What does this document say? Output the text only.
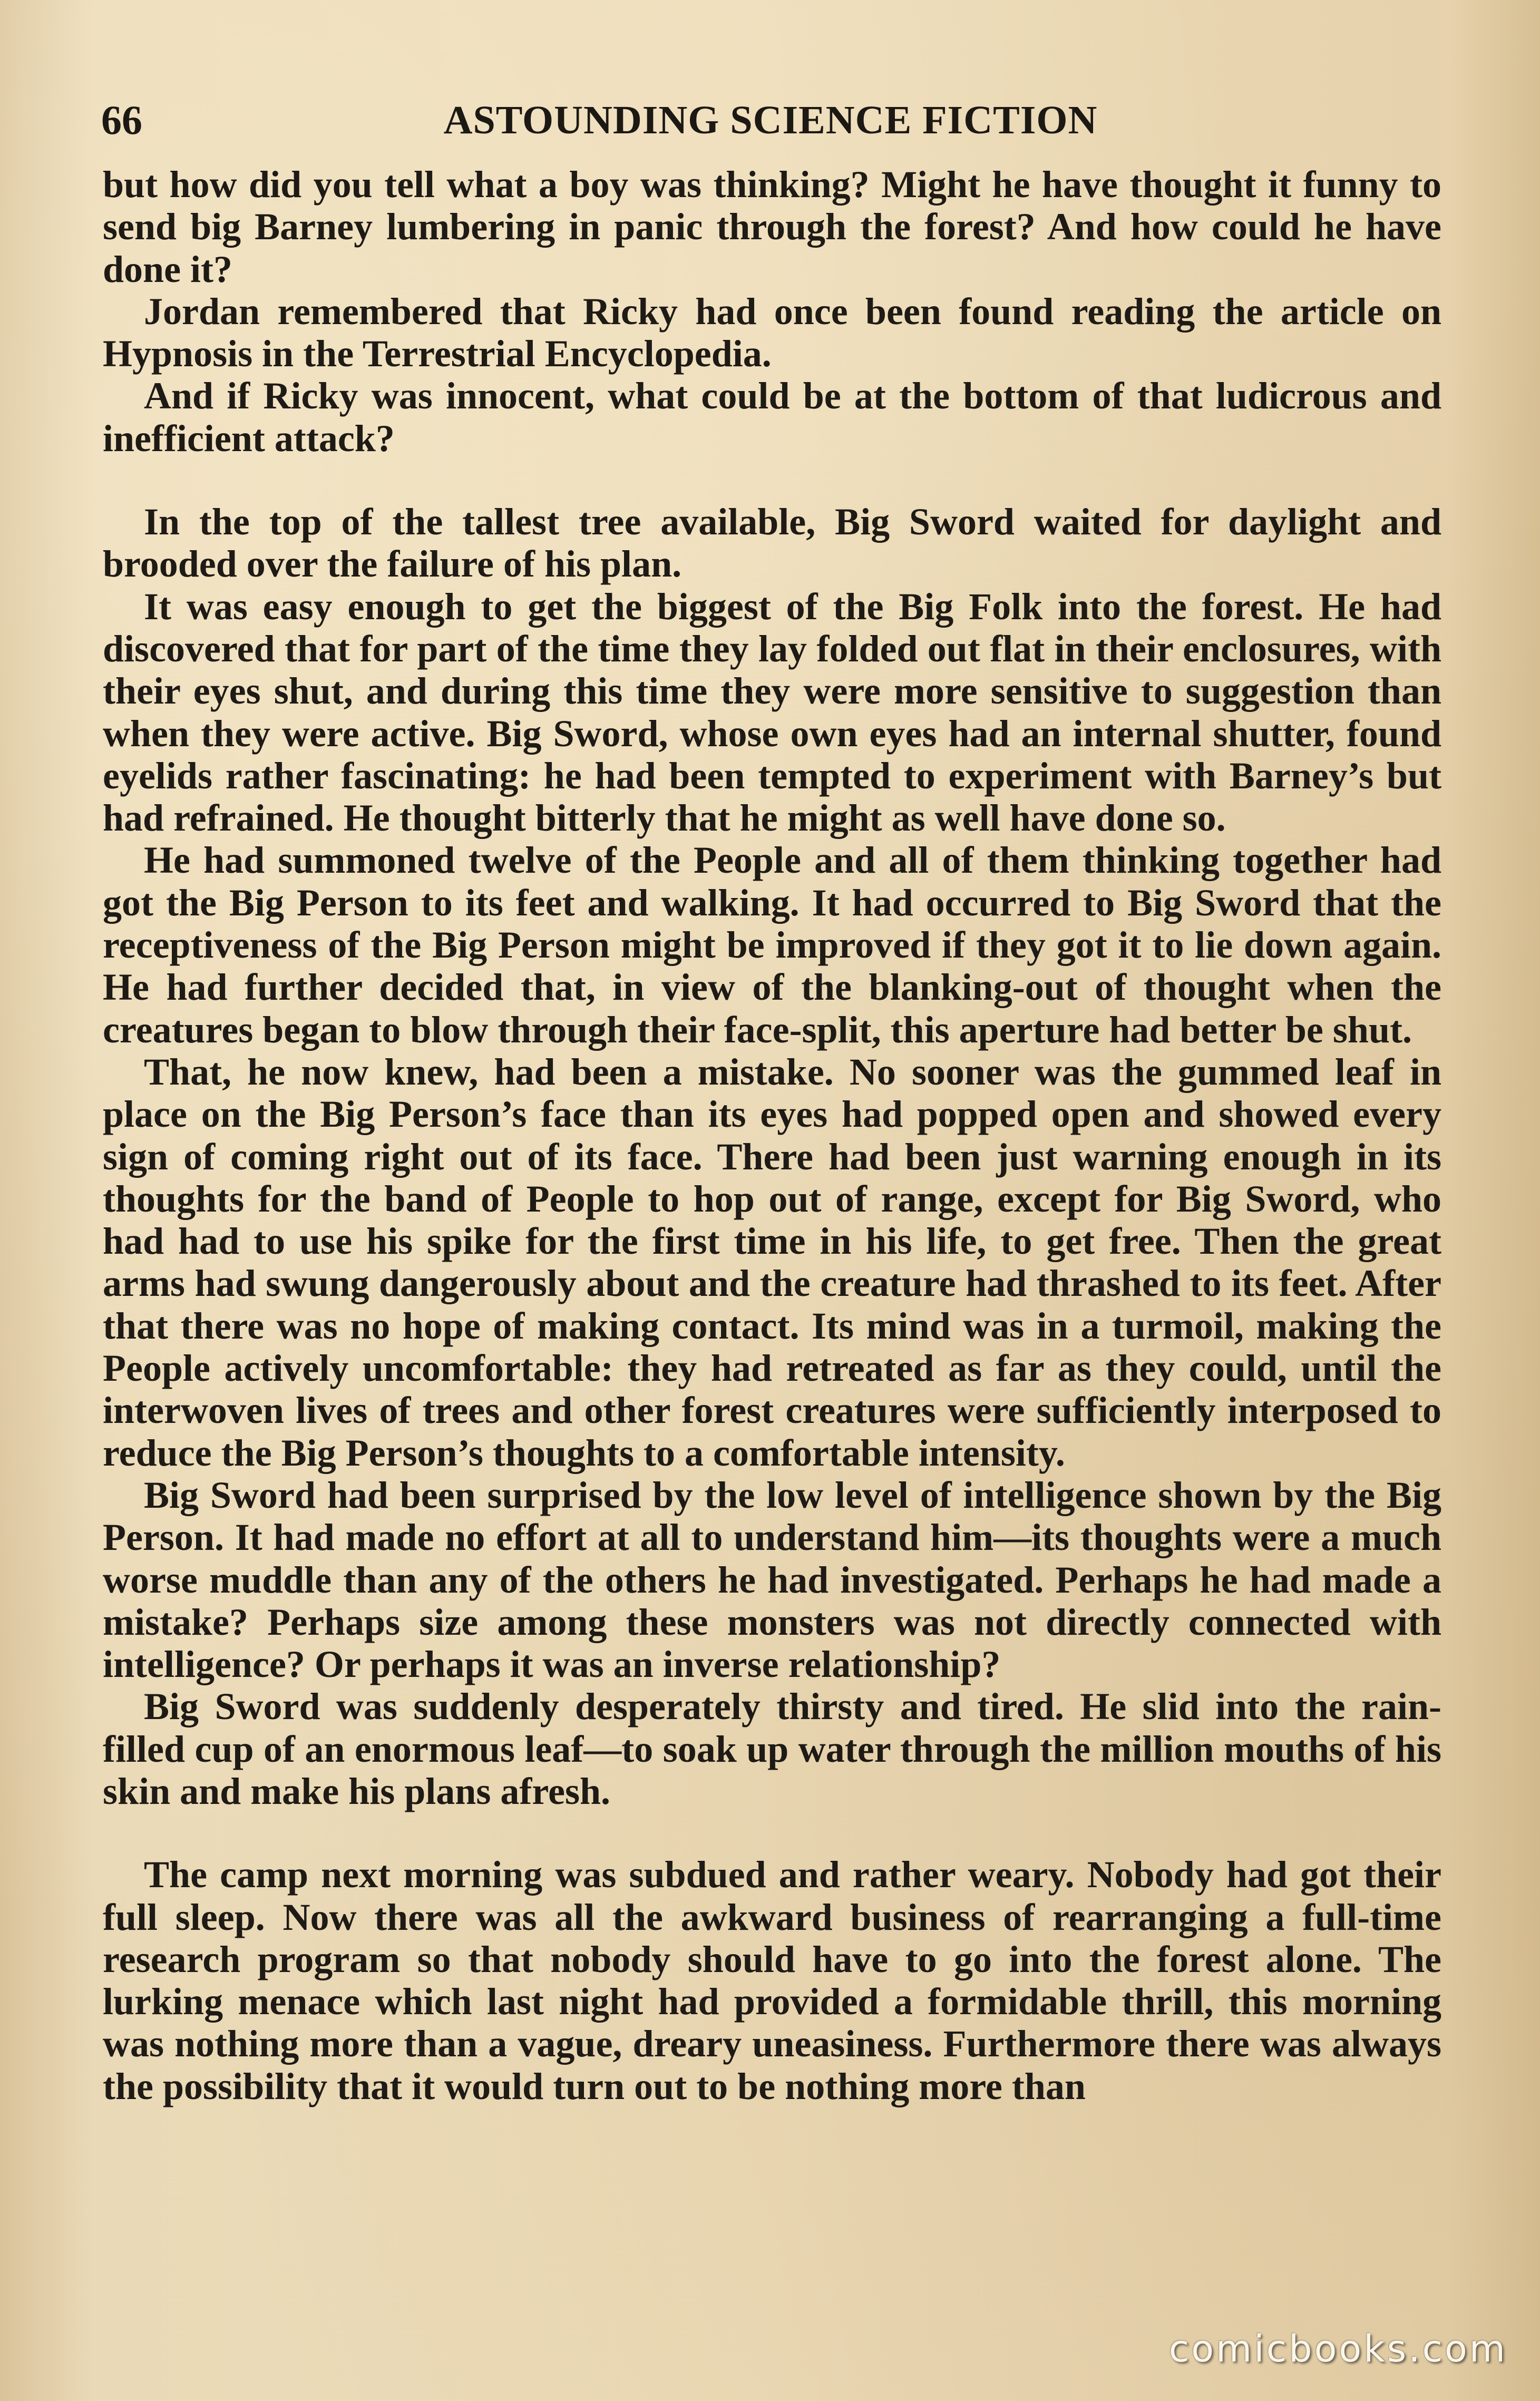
66	ASTOUNDING SCIENCE FICTION

but how did you tell what a boy was thinking? Might he have thought it funny to send big Barney lumbering in panic through the forest? And how could he have done it?

Jordan remembered that Ricky had once been found reading the article on Hypnosis in the Terrestrial Encyclopedia.

And if Ricky was innocent, what could be at the bottom of that ludicrous and inefficient attack?

In the top of the tallest tree available, Big Sword waited for daylight and brooded over the failure of his plan.

It was easy enough to get the biggest of the Big Folk into the forest. He had discovered that for part of the time they lay folded out flat in their enclosures, with their eyes shut, and during this time they were more sensitive to suggestion than when they were active. Big Sword, whose own eyes had an internal shutter, found eyelids rather fascinating: he had been tempted to experiment with Barney’s but had refrained. He thought bitterly that he might as well have done so.

He had summoned twelve of the People and all of them thinking together had got the Big Person to its feet and walking. It had occurred to Big Sword that the receptiveness of the Big Person might be improved if they got it to lie down again. He had further decided that, in view of the blanking-out of thought when the creatures began to blow through their face-split, this aperture had better be shut.

That, he now knew, had been a mistake. No sooner was the gummed leaf in place on the Big Person’s face than its eyes had popped open and showed every sign of coming right out of its face. There had been just warning enough in its thoughts for the band of People to hop out of range, except for Big Sword, who had had to use his spike for the first time in his life, to get free. Then the great arms had swung dangerously about and the creature had thrashed to its feet. After that there was no hope of making contact. Its mind was in a turmoil, making the People actively uncomfortable: they had retreated as far as they could, until the interwoven lives of trees and other forest creatures were sufficiently interposed to reduce the Big Person’s thoughts to a comfortable intensity.

Big Sword had been surprised by the low level of intelligence shown by the Big Person. It had made no effort at all to understand him—its thoughts were a much worse muddle than any of the others he had investigated. Perhaps he had made a mistake? Perhaps size among these monsters was not directly connected with intelligence? Or perhaps it was an inverse relationship?

Big Sword was suddenly desperately thirsty and tired. He slid into the rain-filled cup of an enormous leaf—to soak up water through the million mouths of his skin and make his plans afresh.

The camp next morning was subdued and rather weary. Nobody had got their full sleep. Now there was all the awkward business of rearranging a full-time research program so that nobody should have to go into the forest alone. The lurking menace which last night had provided a formidable thrill, this morning was nothing more than a vague, dreary uneasiness. Furthermore there was always the possibility that it would turn out to be nothing more than

comicbooks.com
